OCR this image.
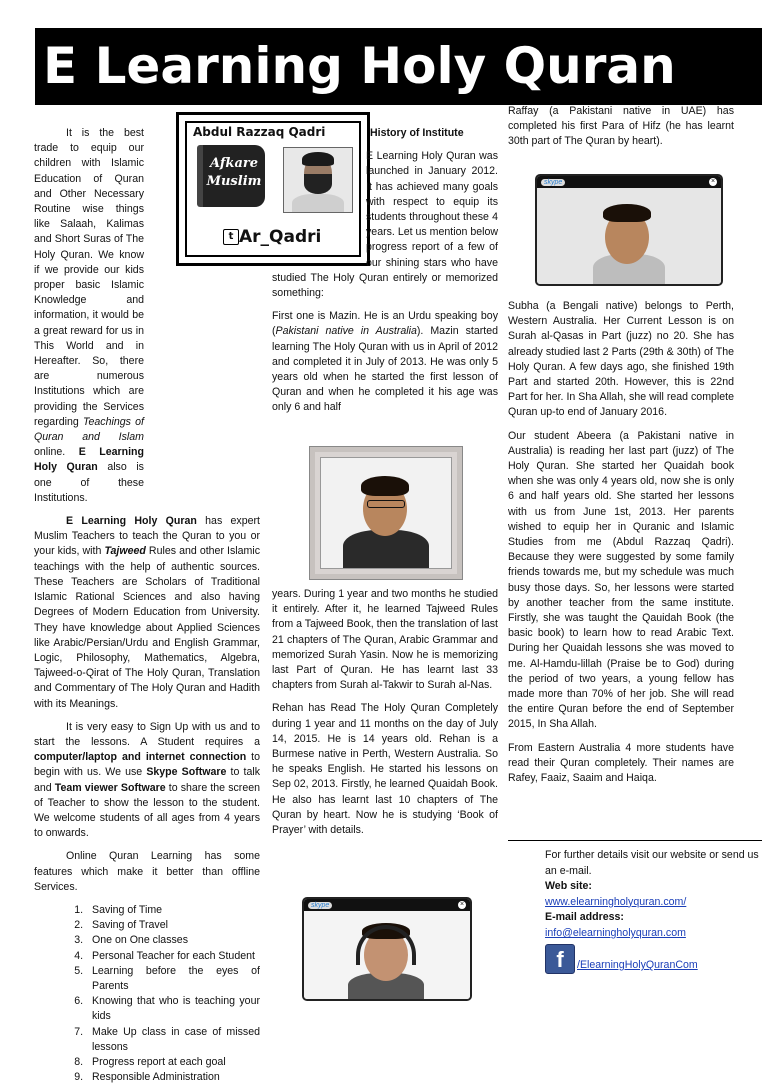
E Learning Holy Quran
Abdul Razzaq Qadri
Afkare
Muslim
t Ar_Qadri

It is the best trade to equip our children with Islamic Education of Quran and Other Necessary Routine wise things like Salaah, Kalimas and Short Suras of The Holy Quran. We know if we provide our kids proper basic Islamic Knowledge and information, it would be a great reward for us in This World and in Hereafter. So, there are numerous Institutions which are providing the Services regarding Teachings of Quran and Islam online. E Learning Holy Quran also is one of these Institutions.

E Learning Holy Quran has expert Muslim Teachers to teach the Quran to you or your kids, with Tajweed Rules and other Islamic teachings with the help of authentic sources. These Teachers are Scholars of Traditional Islamic Rational Sciences and also having Degrees of Modern Education from University. They have knowledge about Applied Sciences like Arabic/Persian/Urdu and English Grammar, Logic, Philosophy, Mathematics, Algebra, Tajweed-o-Qirat of The Holy Quran, Translation and Commentary of The Holy Quran and Hadith with its Meanings.

It is very easy to Sign Up with us and to start the lessons. A Student requires a computer/laptop and internet connection to begin with us. We use Skype Software to talk and Team viewer Software to share the screen of Teacher to show the lesson to the student. We welcome students of all ages from 4 years to onwards.

Online Quran Learning has some features which make it better than offline Services.

1. Saving of Time
2. Saving of Travel
3. One on One classes
4. Personal Teacher for each Student
5. Learning before the eyes of Parents
6. Knowing that who is teaching your kids
7. Make Up class in case of missed lessons
8. Progress report at each goal
9. Responsible Administration

History of Institute

E Learning Holy Quran was launched in January 2012. It has achieved many goals with respect to equip its students throughout these 4 years. Let us mention below progress report of a few of our shining stars who have studied The Holy Quran entirely or memorized something:

First one is Mazin. He is an Urdu speaking boy (Pakistani native in Australia). Mazin started learning The Holy Quran with us in April of 2012 and completed it in July of 2013. He was only 5 years old when he started the first lesson of Quran and when he completed it his age was only 6 and half

years. During 1 year and two months he studied it entirely. After it, he learned Tajweed Rules from a Tajweed Book, then the translation of last 21 chapters of The Quran, Arabic Grammar and memorized Surah Yasin. Now he is memorizing last Part of Quran. He has learnt last 33 chapters from Surah al-Takwir to Surah al-Nas.

Rehan has Read The Holy Quran Completely during 1 year and 11 months on the day of July 14, 2015. He is 14 years old. Rehan is a Burmese native in Perth, Western Australia. So he speaks English. He started his lessons on Sep 02, 2013. Firstly, he learned Quaidah Book. He also has learnt last 10 chapters of The Quran by heart. Now he is studying ‘Book of Prayer’ with details.

skype	×

Raffay (a Pakistani native in UAE) has completed his first Para of Hifz (he has learnt 30th part of The Quran by heart).

skype	×

Subha (a Bengali native) belongs to Perth, Western Australia. Her Current Lesson is on Surah al-Qasas in Part (juzz) no 20. She has already studied last 2 Parts (29th & 30th) of The Holy Quran. A few days ago, she finished 19th Part and started 20th. However, this is 22nd Part for her. In Sha Allah, she will read complete Quran up-to end of January 2016.

Our student Abeera (a Pakistani native in Australia) is reading her last part (juzz) of The Holy Quran. She started her Quaidah book when she was only 4 years old, now she is only 6 and half years old. She started her lessons with us from June 1st, 2013. Her parents wished to equip her in Quranic and Islamic Studies from me (Abdul Razzaq Qadri). Because they were suggested by some family friends towards me, but my schedule was much busy those days. So, her lessons were started by another teacher from the same institute. Firstly, she was taught the Qauidah Book (the basic book) to learn how to read Arabic Text. During her Quaidah lessons she was moved to me. Al-Hamdu-lillah (Praise be to God) during the period of two years, a young fellow has made more than 70% of her job. She will read the entire Quran before the end of September 2015, In Sha Allah.

From Eastern Australia 4 more students have read their Quran completely. Their names are Rafey, Faaiz, Saaim and Haiqa.

For further details visit our website or send us an e-mail.
Web site:
www.elearningholyquran.com/
E-mail address:
info@elearningholyquran.com
f	/ElearningHolyQuranCom
